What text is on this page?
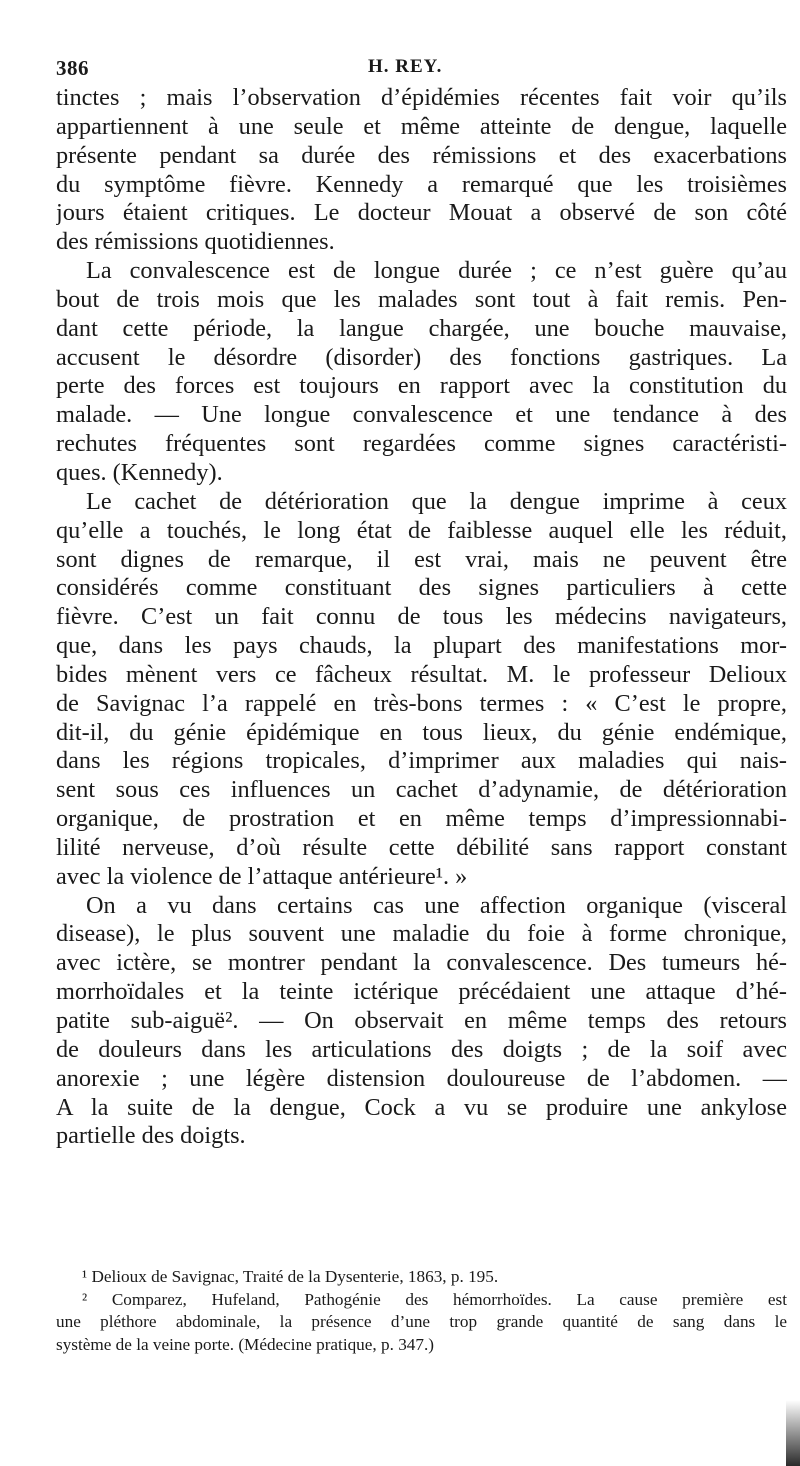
386	H. REY.
tinctes ; mais l’observation d’épidémies récentes fait voir qu’ils
appartiennent à une seule et même atteinte de dengue, laquelle
présente pendant sa durée des rémissions et des exacerbations
du symptôme fièvre. Kennedy a remarqué que les troisièmes
jours étaient critiques. Le docteur Mouat a observé de son côté
des rémissions quotidiennes.
La convalescence est de longue durée ; ce n’est guère qu’au
bout de trois mois que les malades sont tout à fait remis. Pen-
dant cette période, la langue chargée, une bouche mauvaise,
accusent le désordre (disorder) des fonctions gastriques. La
perte des forces est toujours en rapport avec la constitution du
malade. — Une longue convalescence et une tendance à des
rechutes fréquentes sont regardées comme signes caractéristi-
ques. (Kennedy).
Le cachet de détérioration que la dengue imprime à ceux
qu’elle a touchés, le long état de faiblesse auquel elle les réduit,
sont dignes de remarque, il est vrai, mais ne peuvent être
considérés comme constituant des signes particuliers à cette
fièvre. C’est un fait connu de tous les médecins navigateurs,
que, dans les pays chauds, la plupart des manifestations mor-
bides mènent vers ce fâcheux résultat. M. le professeur Delioux
de Savignac l’a rappelé en très-bons termes : « C’est le propre,
dit-il, du génie épidémique en tous lieux, du génie endémique,
dans les régions tropicales, d’imprimer aux maladies qui nais-
sent sous ces influences un cachet d’adynamie, de détérioration
organique, de prostration et en même temps d’impressionnabi-
lilité nerveuse, d’où résulte cette débilité sans rapport constant
avec la violence de l’attaque antérieure¹. »
On a vu dans certains cas une affection organique (visceral
disease), le plus souvent une maladie du foie à forme chronique,
avec ictère, se montrer pendant la convalescence. Des tumeurs hé-
morrhoïdales et la teinte ictérique précédaient une attaque d’hé-
patite sub-aiguë². — On observait en même temps des retours
de douleurs dans les articulations des doigts ; de la soif avec
anorexie ; une légère distension douloureuse de l’abdomen. —
A la suite de la dengue, Cock a vu se produire une ankylose
partielle des doigts.
¹ Delioux de Savignac, Traité de la Dysenterie, 1863, p. 195.
² Comparez, Hufeland, Pathogénie des hémorrhoïdes. La cause première est
une pléthore abdominale, la présence d’une trop grande quantité de sang dans le
système de la veine porte. (Médecine pratique, p. 347.)
